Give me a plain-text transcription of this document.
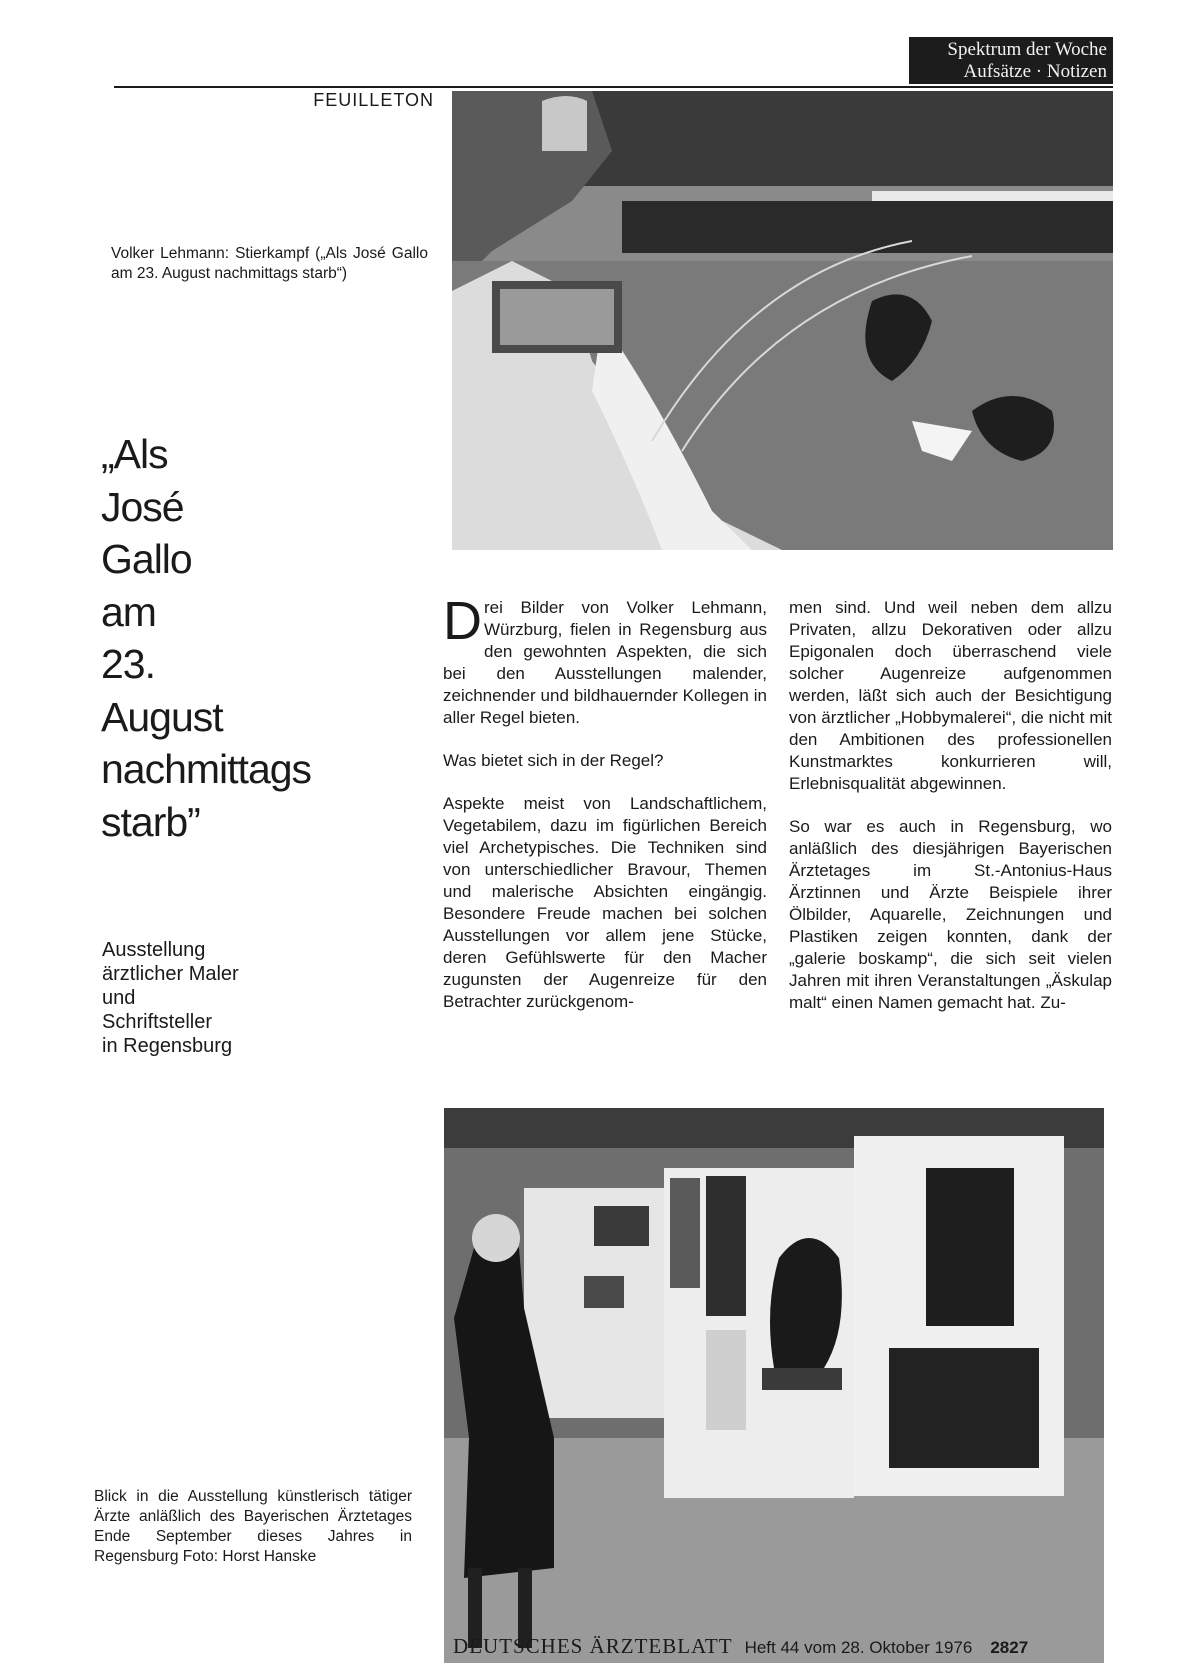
Spektrum der Woche
Aufsätze · Notizen
FEUILLETON
Volker Lehmann: Stierkampf („Als José Gallo am 23. August nachmittags starb“)
„Als
José
Gallo
am
23.
August
nachmittags
starb”
Ausstellung
ärztlicher Maler
und
Schriftsteller
in Regensburg

Drei Bilder von Volker Lehmann, Würzburg, fielen in Regensburg aus den gewohnten Aspekten, die sich bei den Ausstellungen malender, zeichnender und bildhauernder Kollegen in aller Regel bieten.

Was bietet sich in der Regel?

Aspekte meist von Landschaftlichem, Vegetabilem, dazu im figürlichen Bereich viel Archetypisches. Die Techniken sind von unterschiedlicher Bravour, Themen und malerische Absichten eingängig. Besondere Freude machen bei solchen Ausstellungen vor allem jene Stücke, deren Gefühlswerte für den Macher zugunsten der Augenreize für den Betrachter zurückgenom-

men sind. Und weil neben dem allzu Privaten, allzu Dekorativen oder allzu Epigonalen doch überraschend viele solcher Augenreize aufgenommen werden, läßt sich auch der Besichtigung von ärztlicher „Hobbymalerei“, die nicht mit den Ambitionen des professionellen Kunstmarktes konkurrieren will, Erlebnisqualität abgewinnen.

So war es auch in Regensburg, wo anläßlich des diesjährigen Bayerischen Ärztetages im St.-Antonius-Haus Ärztinnen und Ärzte Beispiele ihrer Ölbilder, Aquarelle, Zeichnungen und Plastiken zeigen konnten, dank der „galerie boskamp“, die sich seit vielen Jahren mit ihren Veranstaltungen „Äskulap malt“ einen Namen gemacht hat. Zu-

Blick in die Ausstellung künstlerisch tätiger Ärzte anläßlich des Bayerischen Ärztetages Ende September dieses Jahres in Regensburg Foto: Horst Hanske
DEUTSCHES ÄRZTEBLATT Heft 44 vom 28. Oktober 1976 2827
